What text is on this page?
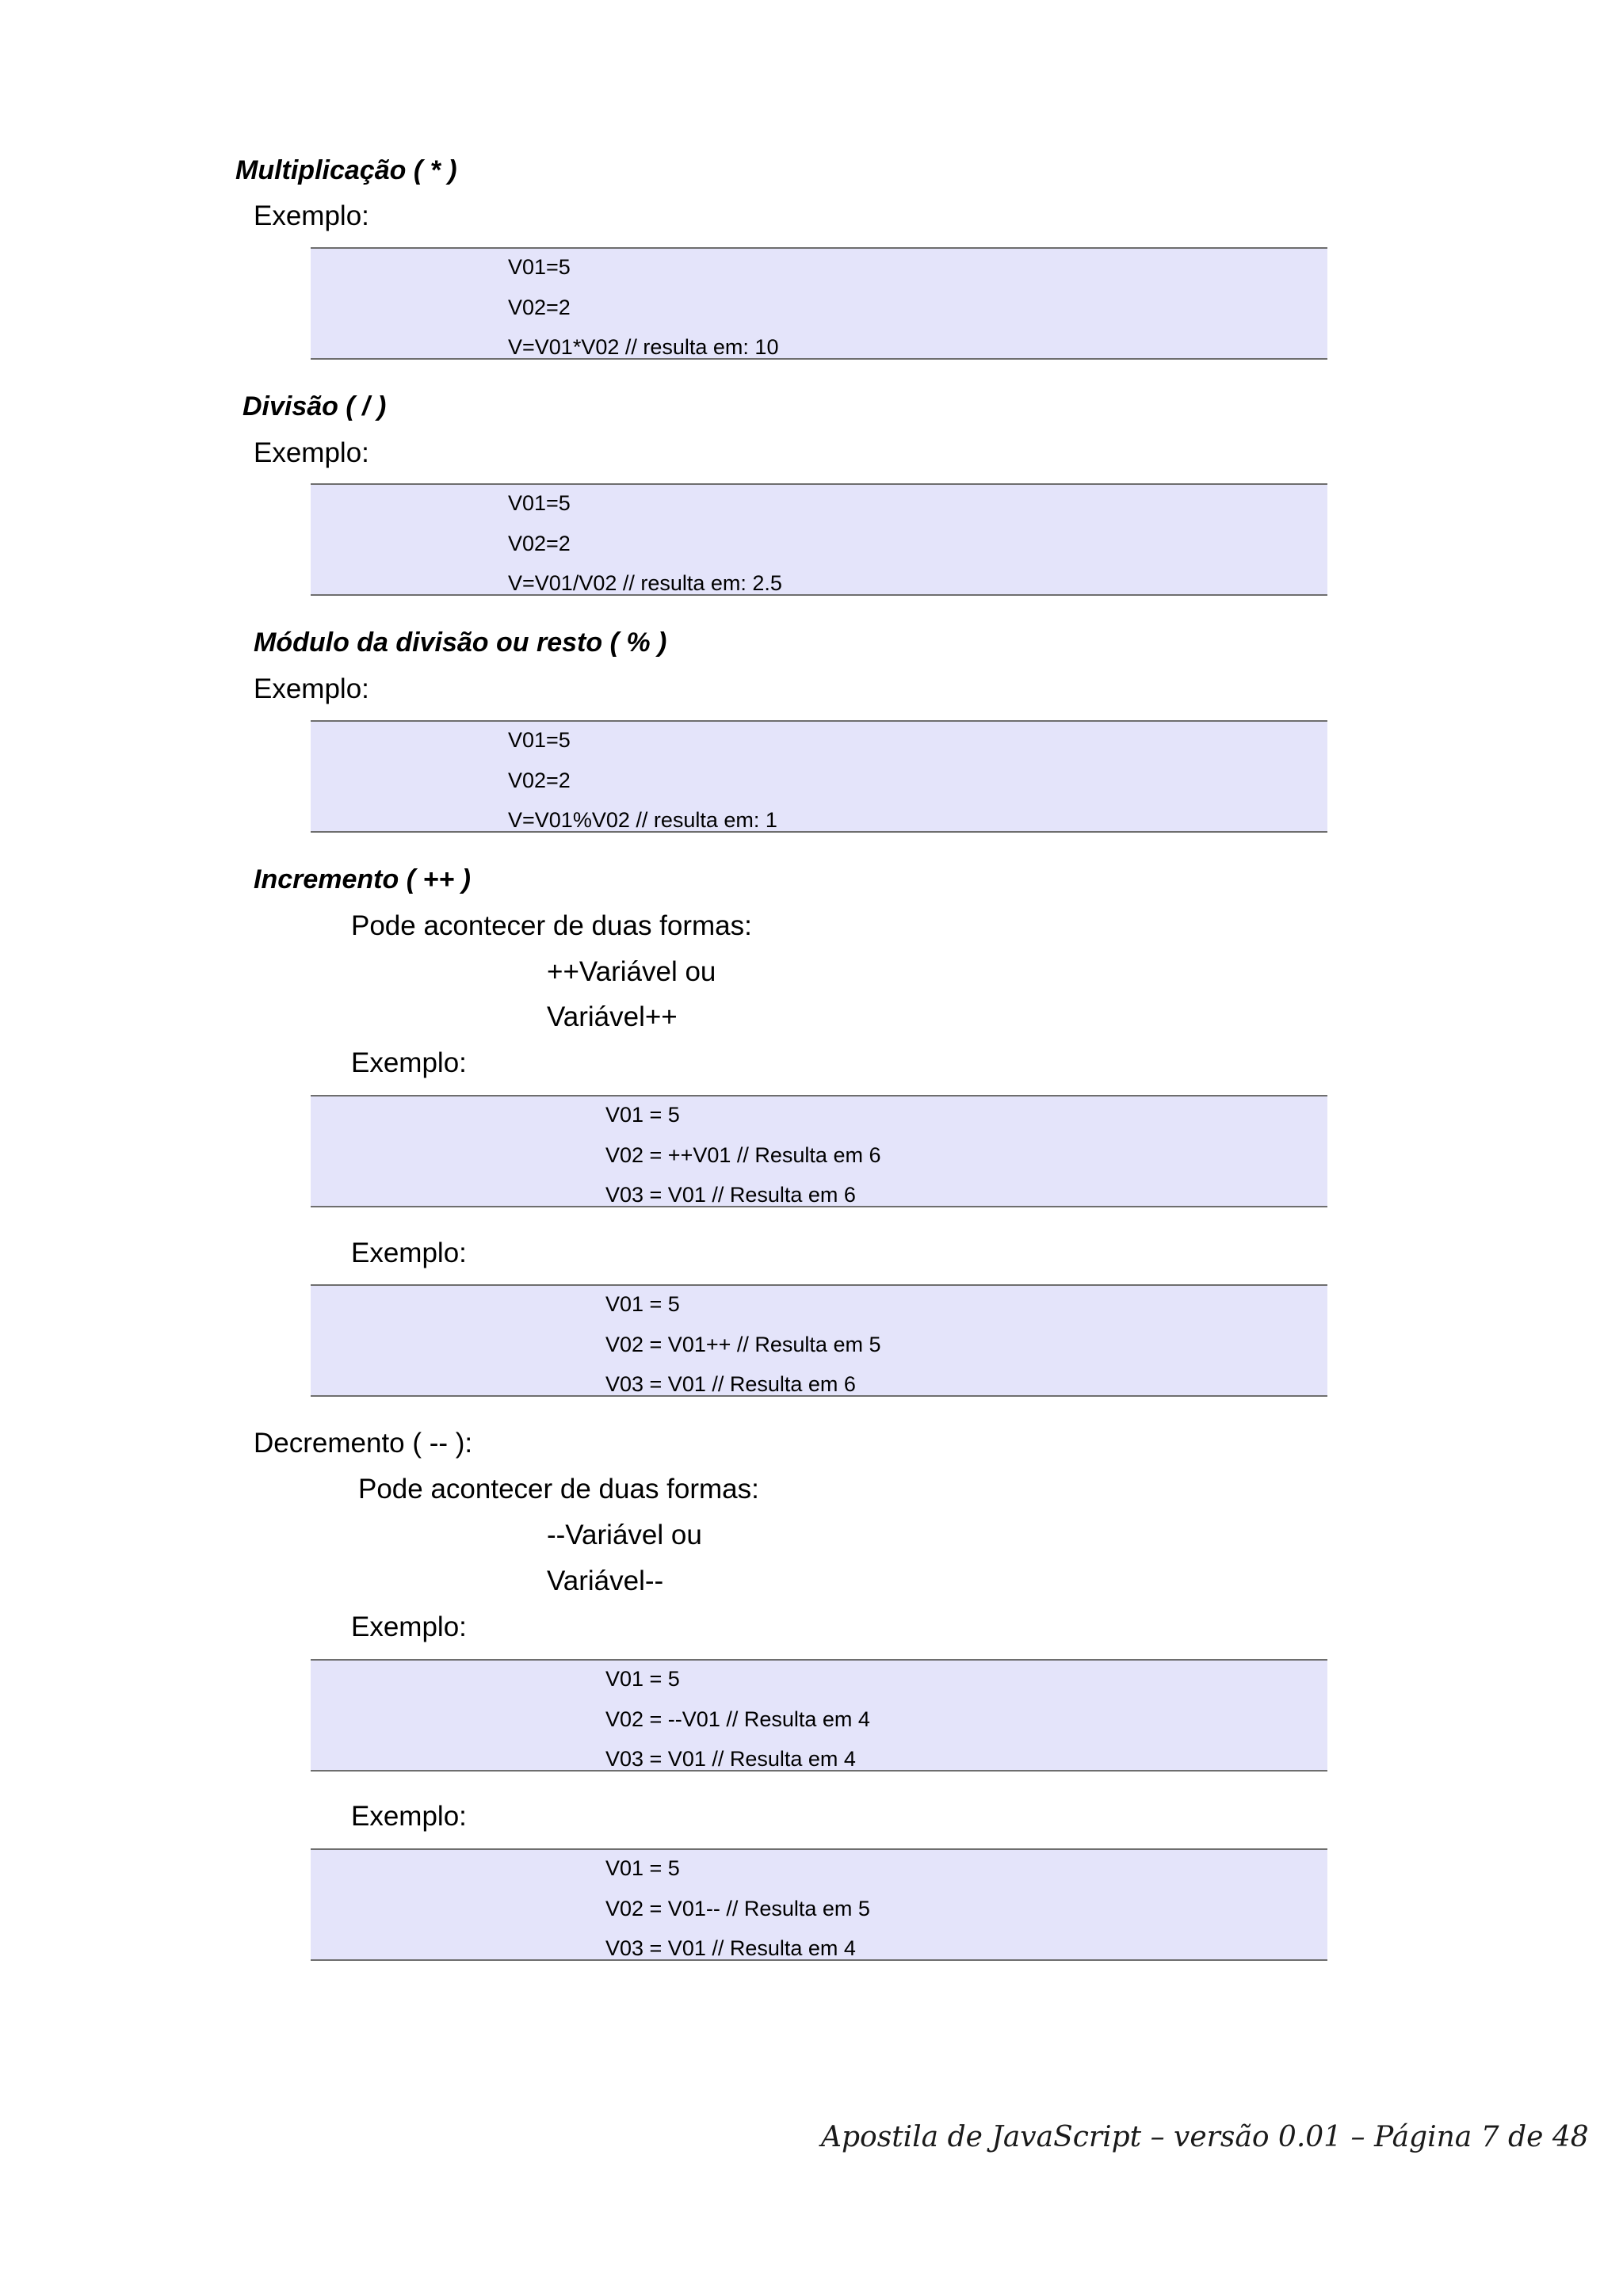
Multiplicação ( * )
Exemplo:
V01=5
V02=2
V=V01*V02 // resulta em: 10
Divisão ( / )
Exemplo:
V01=5
V02=2
V=V01/V02 // resulta em: 2.5
Módulo da divisão ou resto ( % )
Exemplo:
V01=5
V02=2
V=V01%V02 // resulta em: 1
Incremento ( ++ )
Pode acontecer de duas formas:
++Variável ou
Variável++
Exemplo:
V01 = 5
V02 = ++V01 // Resulta em 6
V03 = V01 // Resulta em 6
Exemplo:
V01 = 5
V02 = V01++ // Resulta em 5
V03 = V01 // Resulta em 6
Decremento ( -- ):
Pode acontecer de duas formas:
--Variável ou
Variável--
Exemplo:
V01 = 5
V02 = --V01 // Resulta em 4
V03 = V01 // Resulta em 4
Exemplo:
V01 = 5
V02 = V01-- // Resulta em 5
V03 = V01 // Resulta em 4
Apostila de JavaScript – versão 0.01 – Página 7 de 48
